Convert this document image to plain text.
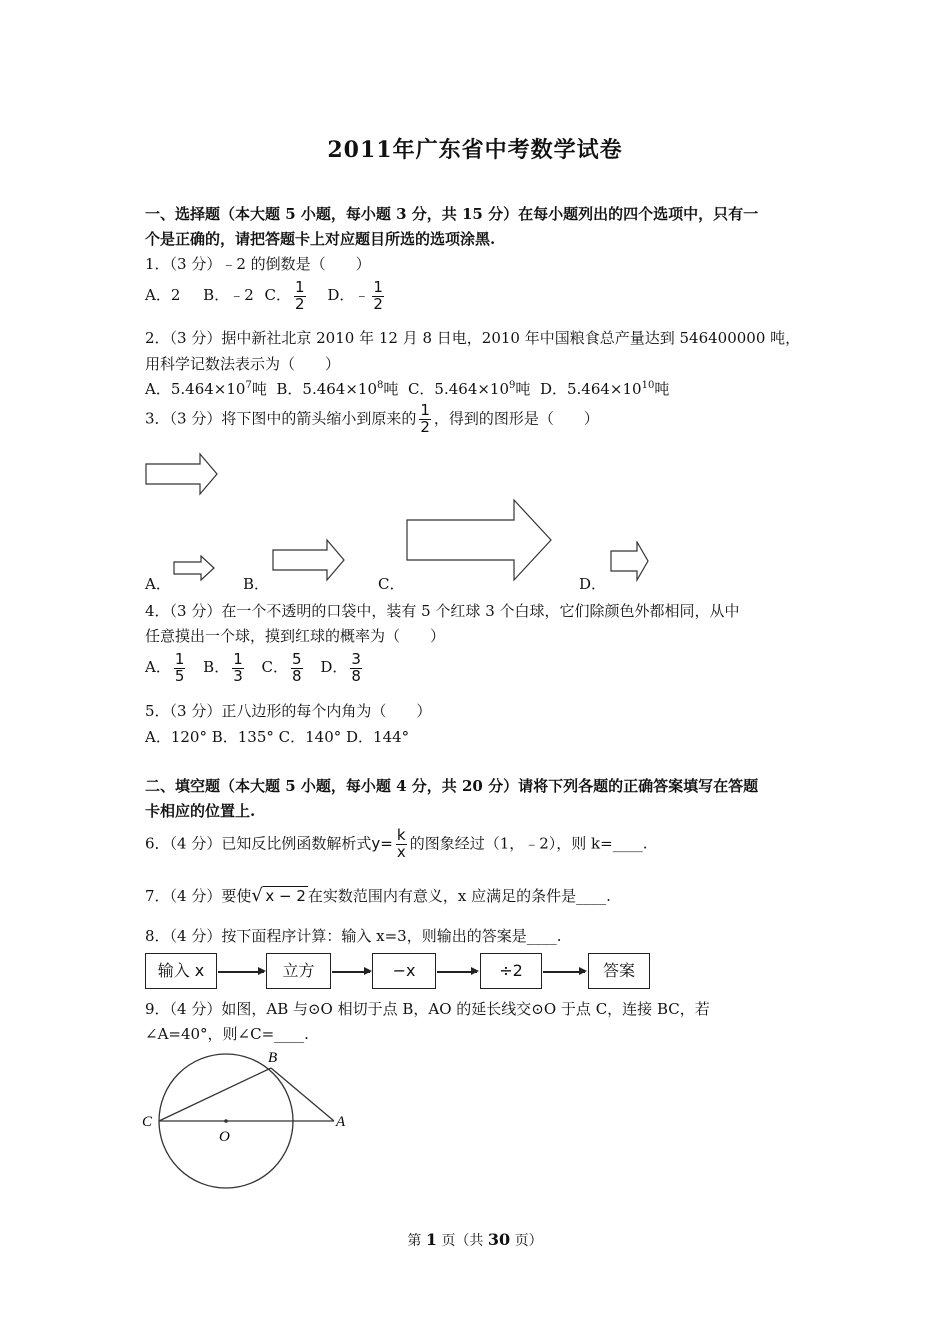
2011年广东省中考数学试卷
一、选择题（本大题 5 小题，每小题 3 分，共 15 分）在每小题列出的四个选项中，只有一
个是正确的，请把答题卡上对应题目所选的选项涂黑.
1．（3 分）﹣2 的倒数是（　　）
A．2 B．﹣2 C． $\frac{1}{2}$ D．﹣ $\frac{1}{2}$
2．（3 分）据中新社北京 2010 年 12 月 8 日电，2010 年中国粮食总产量达到 546400000 吨，
用科学记数法表示为（　　）
A．$5.464\times 10^7$吨 B．$5.464\times 10^8$吨 C．$5.464\times 10^9$吨 D．$5.464\times 10^{10}$吨
3．（3 分）将下图中的箭头缩小到原来的 $\frac{1}{2}$ ，得到的图形是（　　）
A．	B．	C．	D．
4．（3 分）在一个不透明的口袋中，装有 5 个红球 3 个白球，它们除颜色外都相同，从中
任意摸出一个球，摸到红球的概率为（　　）
A． $\frac{1}{5}$ B． $\frac{1}{3}$ C． $\frac{5}{8}$ D． $\frac{3}{8}$
5．（3 分）正八边形的每个内角为（　　）
A．120° B．135° C．140° D．144°
二、填空题（本大题 5 小题，每小题 4 分，共 20 分）请将下列各题的正确答案填写在答题
卡相应的位置上.
6．（4 分）已知反比例函数解析式$y= \frac{k}{x}$ 的图象经过（1，﹣2），则 k=____.
7．（4 分）要使 √ x − 2 在实数范围内有意义，x 应满足的条件是____.
8．（4 分）按下面程序计算：输入 x=3，则输出的答案是____.
输入 x	立方	−x	÷2	答案
9．（4 分）如图，AB 与⊙O 相切于点 B，AO 的延长线交⊙O 于点 C，连接 BC，若
∠A=40°，则∠C=____.
B
C
O
A
第 1 页（共 30 页）
